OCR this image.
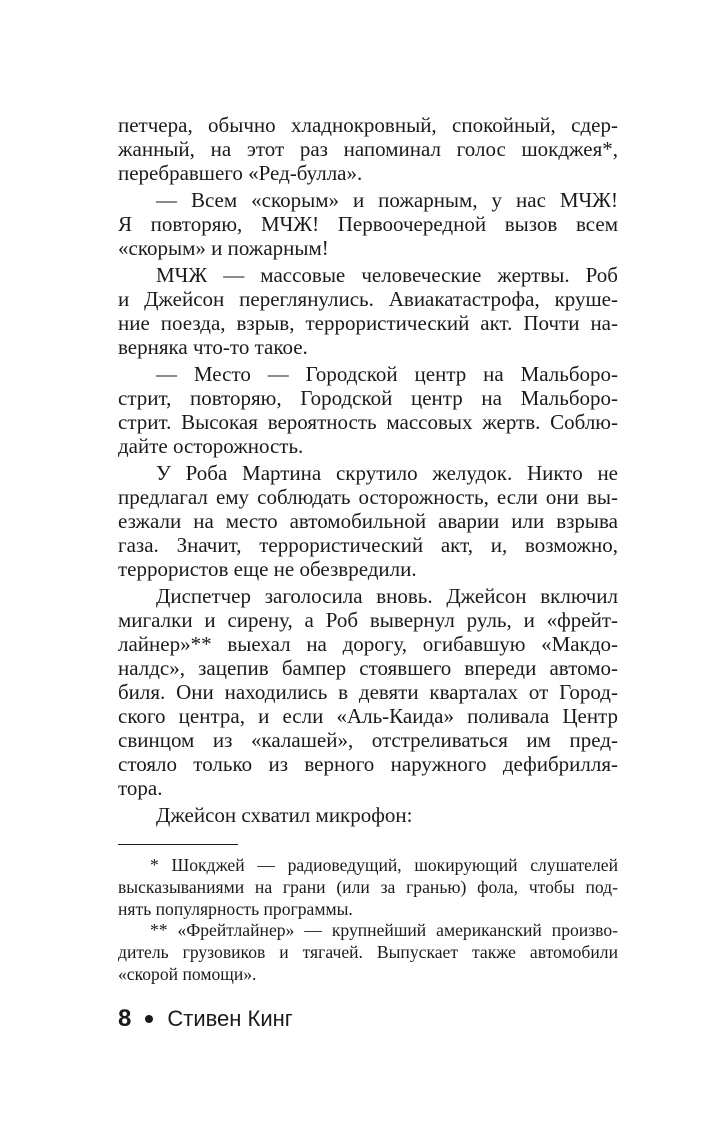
петчера, обычно хладнокровный, спокойный, сдер-
жанный, на этот раз напоминал голос шокджея*,
перебравшего «Ред-булла».
— Всем «скорым» и пожарным, у нас МЧЖ!
Я повторяю, МЧЖ! Первоочередной вызов всем
«скорым» и пожарным!
МЧЖ — массовые человеческие жертвы. Роб
и Джейсон переглянулись. Авиакатастрофа, круше-
ние поезда, взрыв, террористический акт. Почти на-
верняка что-то такое.
— Место — Городской центр на Мальборо-
стрит, повторяю, Городской центр на Мальборо-
стрит. Высокая вероятность массовых жертв. Соблю-
дайте осторожность.
У Роба Мартина скрутило желудок. Никто не
предлагал ему соблюдать осторожность, если они вы-
езжали на место автомобильной аварии или взрыва
газа. Значит, террористический акт, и, возможно,
террористов еще не обезвредили.
Диспетчер заголосила вновь. Джейсон включил
мигалки и сирену, а Роб вывернул руль, и «фрейт-
лайнер»** выехал на дорогу, огибавшую «Макдо-
налдс», зацепив бампер стоявшего впереди автомо-
биля. Они находились в девяти кварталах от Город-
ского центра, и если «Аль-Каида» поливала Центр
свинцом из «калашей», отстреливаться им пред-
стояло только из верного наружного дефибрилля-
тора.
Джейсон схватил микрофон:
* Шокджей — радиоведущий, шокирующий слушателей
высказываниями на грани (или за гранью) фола, чтобы под-
нять популярность программы.
** «Фрейтлайнер» — крупнейший американский произво-
дитель грузовиков и тягачей. Выпускает также автомобили
«скорой помощи».
8 Стивен Кинг
